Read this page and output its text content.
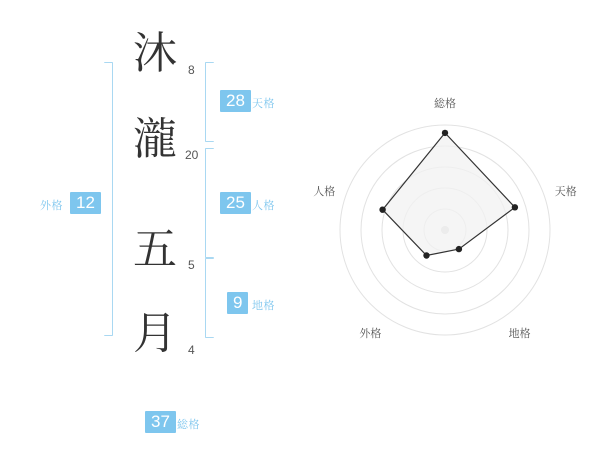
沐 8
瀧 20
五 5
月 4
28 天格
25 人格
9 地格
外格 12
37 総格
総格
天格
地格
外格
人格
